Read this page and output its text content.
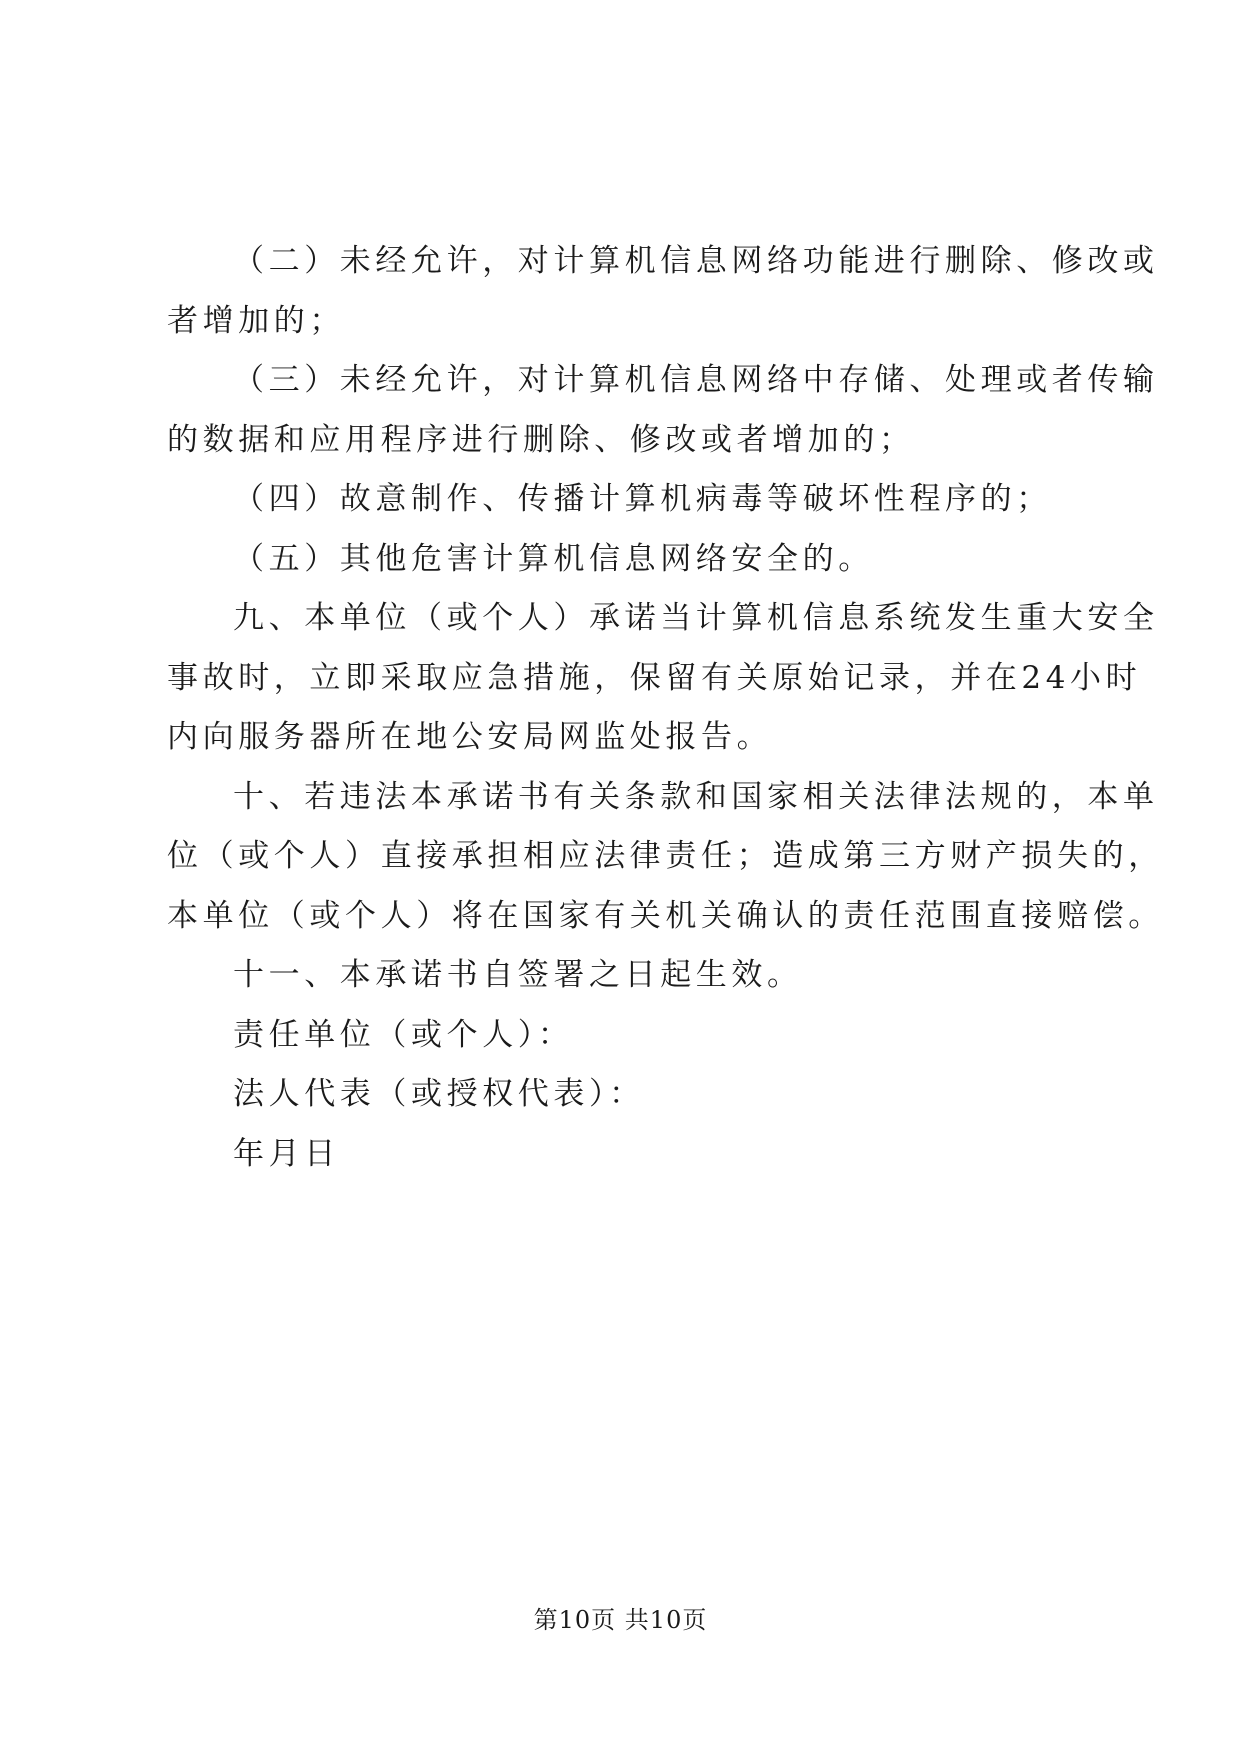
（二）未经允许，对计算机信息网络功能进行删除、修改或
者增加的；
（三）未经允许，对计算机信息网络中存储、处理或者传输
的数据和应用程序进行删除、修改或者增加的；
（四）故意制作、传播计算机病毒等破坏性程序的；
（五）其他危害计算机信息网络安全的。
九、本单位（或个人）承诺当计算机信息系统发生重大安全
事故时，立即采取应急措施，保留有关原始记录，并在24小时
内向服务器所在地公安局网监处报告。
十、若违法本承诺书有关条款和国家相关法律法规的，本单
位（或个人）直接承担相应法律责任；造成第三方财产损失的，
本单位（或个人）将在国家有关机关确认的责任范围直接赔偿。
十一、本承诺书自签署之日起生效。
责任单位（或个人）：
法人代表（或授权代表）：
年月日
第10页 共10页
